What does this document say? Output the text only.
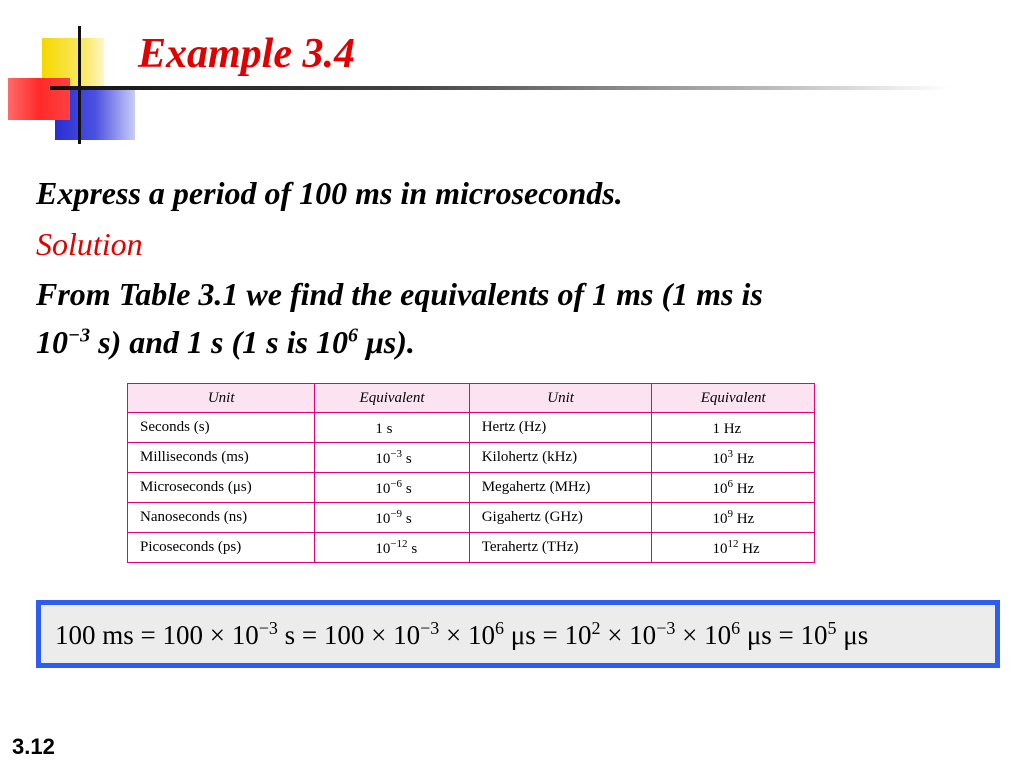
Example 3.4

Express a period of 100 ms in microseconds.

Solution

From Table 3.1 we find the equivalents of 1 ms (1 ms is
$10^{-3}$ s) and 1 s (1 s is $10^6$ μs).

Unit	Equivalent	Unit	Equivalent
Seconds (s)	1 s	Hertz (Hz)	1 Hz
Milliseconds (ms)	$10^{-3}$ s	Kilohertz (kHz)	$10^3$ Hz
Microseconds (μs)	$10^{-6}$ s	Megahertz (MHz)	$10^6$ Hz
Nanoseconds (ns)	$10^{-9}$ s	Gigahertz (GHz)	$10^9$ Hz
Picoseconds (ps)	$10^{-12}$ s	Terahertz (THz)	$10^{12}$ Hz

100 ms = $100 \times 10^{-3}$ $s = 100 \times 10^{-3} \times 10^6$ $\mu s = 10^2 \times 10^{-3} \times 10^6$ $\mu s = 10^5$ μs

3.12
